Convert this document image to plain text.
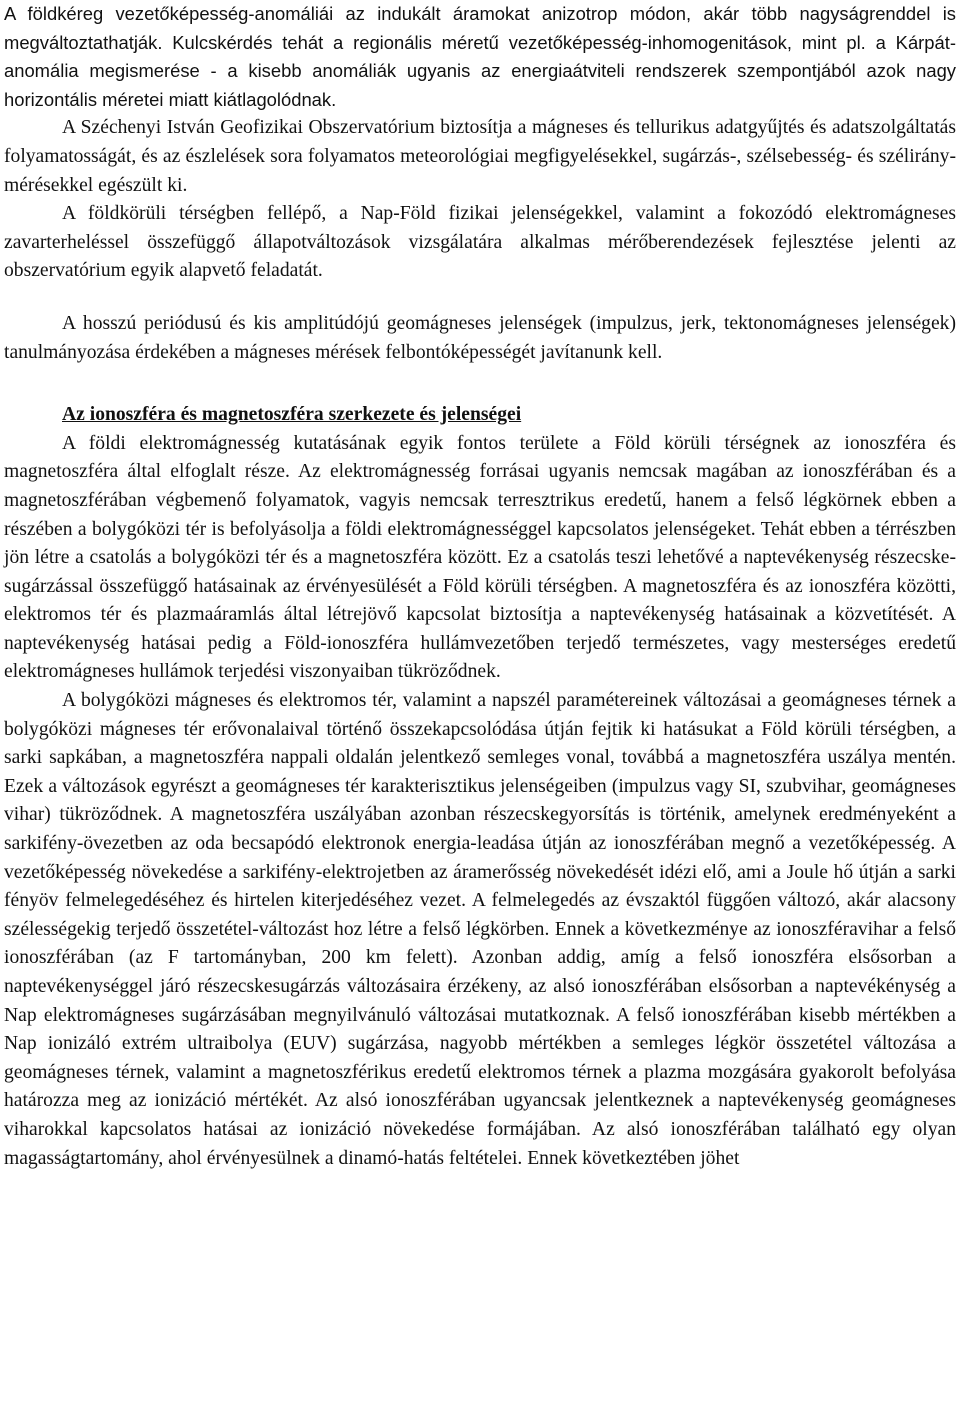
A földkéreg vezetőképesség-anomáliái az indukált áramokat anizotrop módon, akár több nagyságrenddel is megváltoztathatják. Kulcskérdés tehát a regionális méretű vezetőképesség-inhomogenitások, mint pl. a Kárpát-anomália megismerése - a kisebb anomáliák ugyanis az energiaátviteli rendszerek szempontjából azok nagy horizontális méretei miatt kiátlagolódnak.

A Széchenyi István Geofizikai Obszervatórium biztosítja a mágneses és tellurikus adatgyűjtés és adatszolgáltatás folyamatosságát, és az észlelések sora folyamatos meteorológiai megfigyelésekkel, sugárzás-, szélsebesség- és szélirány-mérésekkel egészült ki.

A földkörüli térségben fellépő, a Nap-Föld fizikai jelenségekkel, valamint a fokozódó elektromágneses zavarterheléssel összefüggő állapotváltozások vizsgálatára alkalmas mérőberendezések fejlesztése jelenti az obszervatórium egyik alapvető feladatát.

A hosszú periódusú és kis amplitúdójú geomágneses jelenségek (impulzus, jerk, tektonomágneses jelenségek) tanulmányozása érdekében a mágneses mérések felbontóképességét javítanunk kell.

Az ionoszféra és magnetoszféra szerkezete és jelenségei

A földi elektromágnesség kutatásának egyik fontos területe a Föld körüli térségnek az ionoszféra és magnetoszféra által elfoglalt része. Az elektromágnesség forrásai ugyanis nemcsak magában az ionoszférában és a magnetoszférában végbemenő folyamatok, vagyis nemcsak terresztrikus eredetű, hanem a felső légkörnek ebben a részében a bolygóközi tér is befolyásolja a földi elektromágnességgel kapcsolatos jelenségeket. Tehát ebben a térrészben jön létre a csatolás a bolygóközi tér és a magnetoszféra között. Ez a csatolás teszi lehetővé a naptevékenység részecske-sugárzással összefüggő hatásainak az érvényesülését a Föld körüli térségben. A magnetoszféra és az ionoszféra közötti, elektromos tér és plazmaáramlás által létrejövő kapcsolat biztosítja a naptevékenység hatásainak a közvetítését. A naptevékenység hatásai pedig a Föld-ionoszféra hullámvezetőben terjedő természetes, vagy mesterséges eredetű elektromágneses hullámok terjedési viszonyaiban tükröződnek.

A bolygóközi mágneses és elektromos tér, valamint a napszél paramétereinek változásai a geomágneses térnek a bolygóközi mágneses tér erővonalaival történő összekapcsolódása útján fejtik ki hatásukat a Föld körüli térségben, a sarki sapkában, a magnetoszféra nappali oldalán jelentkező semleges vonal, továbbá a magnetoszféra uszálya mentén. Ezek a változások egyrészt a geomágneses tér karakterisztikus jelenségeiben (impulzus vagy SI, szubvihar, geomágneses vihar) tükröződnek. A magnetoszféra uszályában azonban részecskegyorsítás is történik, amelynek eredményeként a sarkifény-övezetben az oda becsapódó elektronok energia-leadása útján az ionoszférában megnő a vezetőképesség. A vezetőképesség növekedése a sarkifény-elektrojetben az áramerősség növekedését idézi elő, ami a Joule hő útján a sarki fényöv felmelegedéséhez és hirtelen kiterjedéséhez vezet. A felmelegedés az évszaktól függően változó, akár alacsony szélességekig terjedő összetétel-változást hoz létre a felső légkörben. Ennek a következménye az ionoszféravihar a felső ionoszférában (az F tartományban, 200 km felett). Azonban addig, amíg a felső ionoszféra elsősorban a naptevékenységgel járó részecskesugárzás változásaira érzékeny, az alsó ionoszférában elsősorban a naptevékénység a Nap elektromágneses sugárzásában megnyilvánuló változásai mutatkoznak. A felső ionoszférában kisebb mértékben a Nap ionizáló extrém ultraibolya (EUV) sugárzása, nagyobb mértékben a semleges légkör összetétel változása a geomágneses térnek, valamint a magnetoszférikus eredetű elektromos térnek a plazma mozgására gyakorolt befolyása határozza meg az ionizáció mértékét. Az alsó ionoszférában ugyancsak jelentkeznek a naptevékenység geomágneses viharokkal kapcsolatos hatásai az ionizáció növekedése formájában. Az alsó ionoszférában található egy olyan magasságtartomány, ahol érvényesülnek a dinamó-hatás feltételei. Ennek következtében jöhet
